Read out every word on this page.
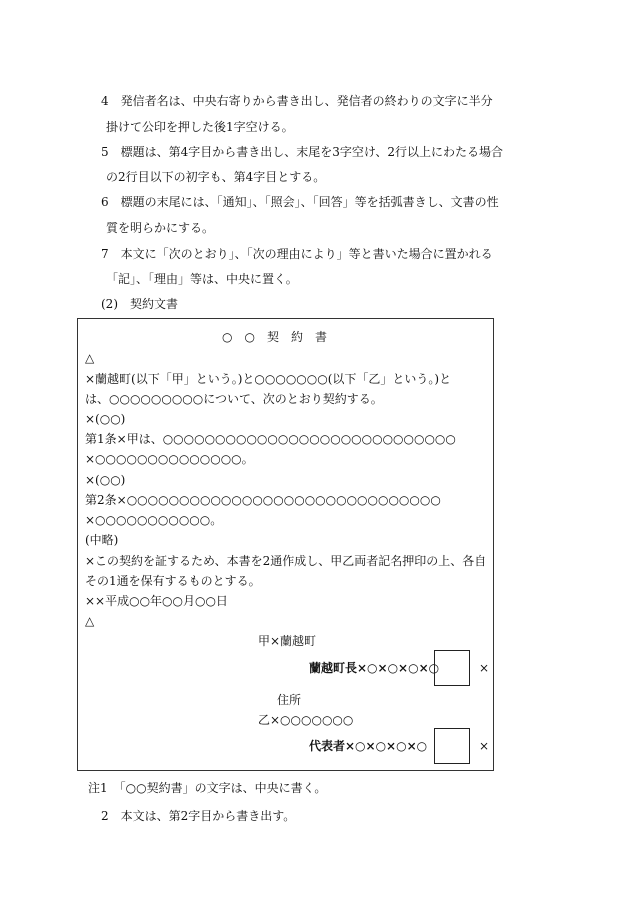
4　発信者名は、中央右寄りから書き出し、発信者の終わりの文字に半分
掛けて公印を押した後1字空ける。
5　標題は、第4字目から書き出し、末尾を3字空け、2行以上にわたる場合
の2行目以下の初字も、第4字目とする。
6　標題の末尾には、「通知」、「照会」、「回答」等を括弧書きし、文書の性
質を明らかにする。
7　本文に「次のとおり」、「次の理由により」等と書いた場合に置かれる
「記」、「理由」等は、中央に置く。
(2)　契約文書
○　○　契　約　書
△
×蘭越町(以下「甲」という。)と○○○○○○○(以下「乙」という。)と
は、○○○○○○○○○について、次のとおり契約する。
×(○○)
第1条×甲は、○○○○○○○○○○○○○○○○○○○○○○○○○○○○
×○○○○○○○○○○○○○○。
×(○○)
第2条×○○○○○○○○○○○○○○○○○○○○○○○○○○○○○○
×○○○○○○○○○○○。
(中略)
×この契約を証するため、本書を2通作成し、甲乙両者記名押印の上、各自
その1通を保有するものとする。
××平成○○年○○月○○日
△
甲×蘭越町
蘭越町長×○×○×○×○	×
住所
乙×○○○○○○○
代表者×○×○×○×○	×
注1　「○○契約書」の文字は、中央に書く。
2　本文は、第2字目から書き出す。
